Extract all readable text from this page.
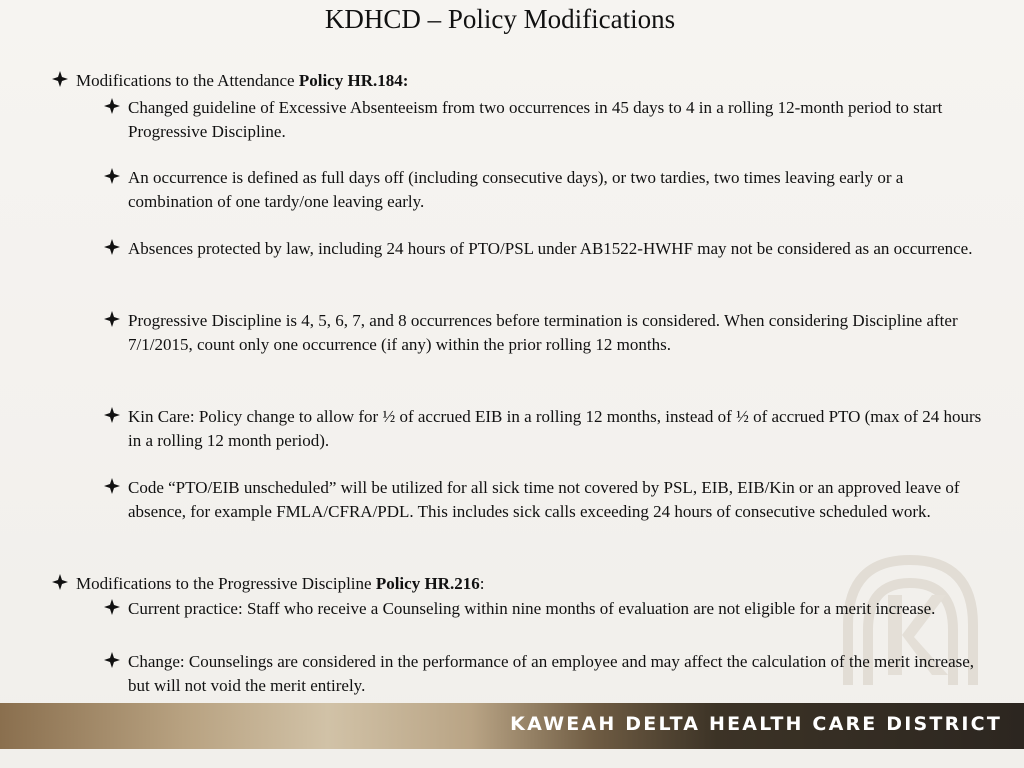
KDHCD – Policy Modifications
Modifications to the Attendance Policy HR.184:
Changed guideline of Excessive Absenteeism from two occurrences in 45 days to 4 in a rolling 12-month period to start Progressive Discipline.
An occurrence is defined as full days off (including consecutive days), or two tardies, two times leaving early or a combination of one tardy/one leaving early.
Absences protected by law, including 24 hours of PTO/PSL under AB1522-HWHF may not be considered as an occurrence.
Progressive Discipline is 4, 5, 6, 7, and 8 occurrences before termination is considered. When considering Discipline after 7/1/2015, count only one occurrence (if any) within the prior rolling 12 months.
Kin Care: Policy change to allow for ½ of accrued EIB in a rolling 12 months, instead of ½ of accrued PTO (max of 24 hours in a rolling 12 month period).
Code “PTO/EIB unscheduled” will be utilized for all sick time not covered by PSL, EIB, EIB/Kin or an approved leave of absence, for example FMLA/CFRA/PDL. This includes sick calls exceeding 24 hours of consecutive scheduled work.
Modifications to the Progressive Discipline Policy HR.216:
Current practice: Staff who receive a Counseling within nine months of evaluation are not eligible for a merit increase.
Change: Counselings are considered in the performance of an employee and may affect the calculation of the merit increase, but will not void the merit entirely.
KAWEAH DELTA HEALTH CARE DISTRICT
